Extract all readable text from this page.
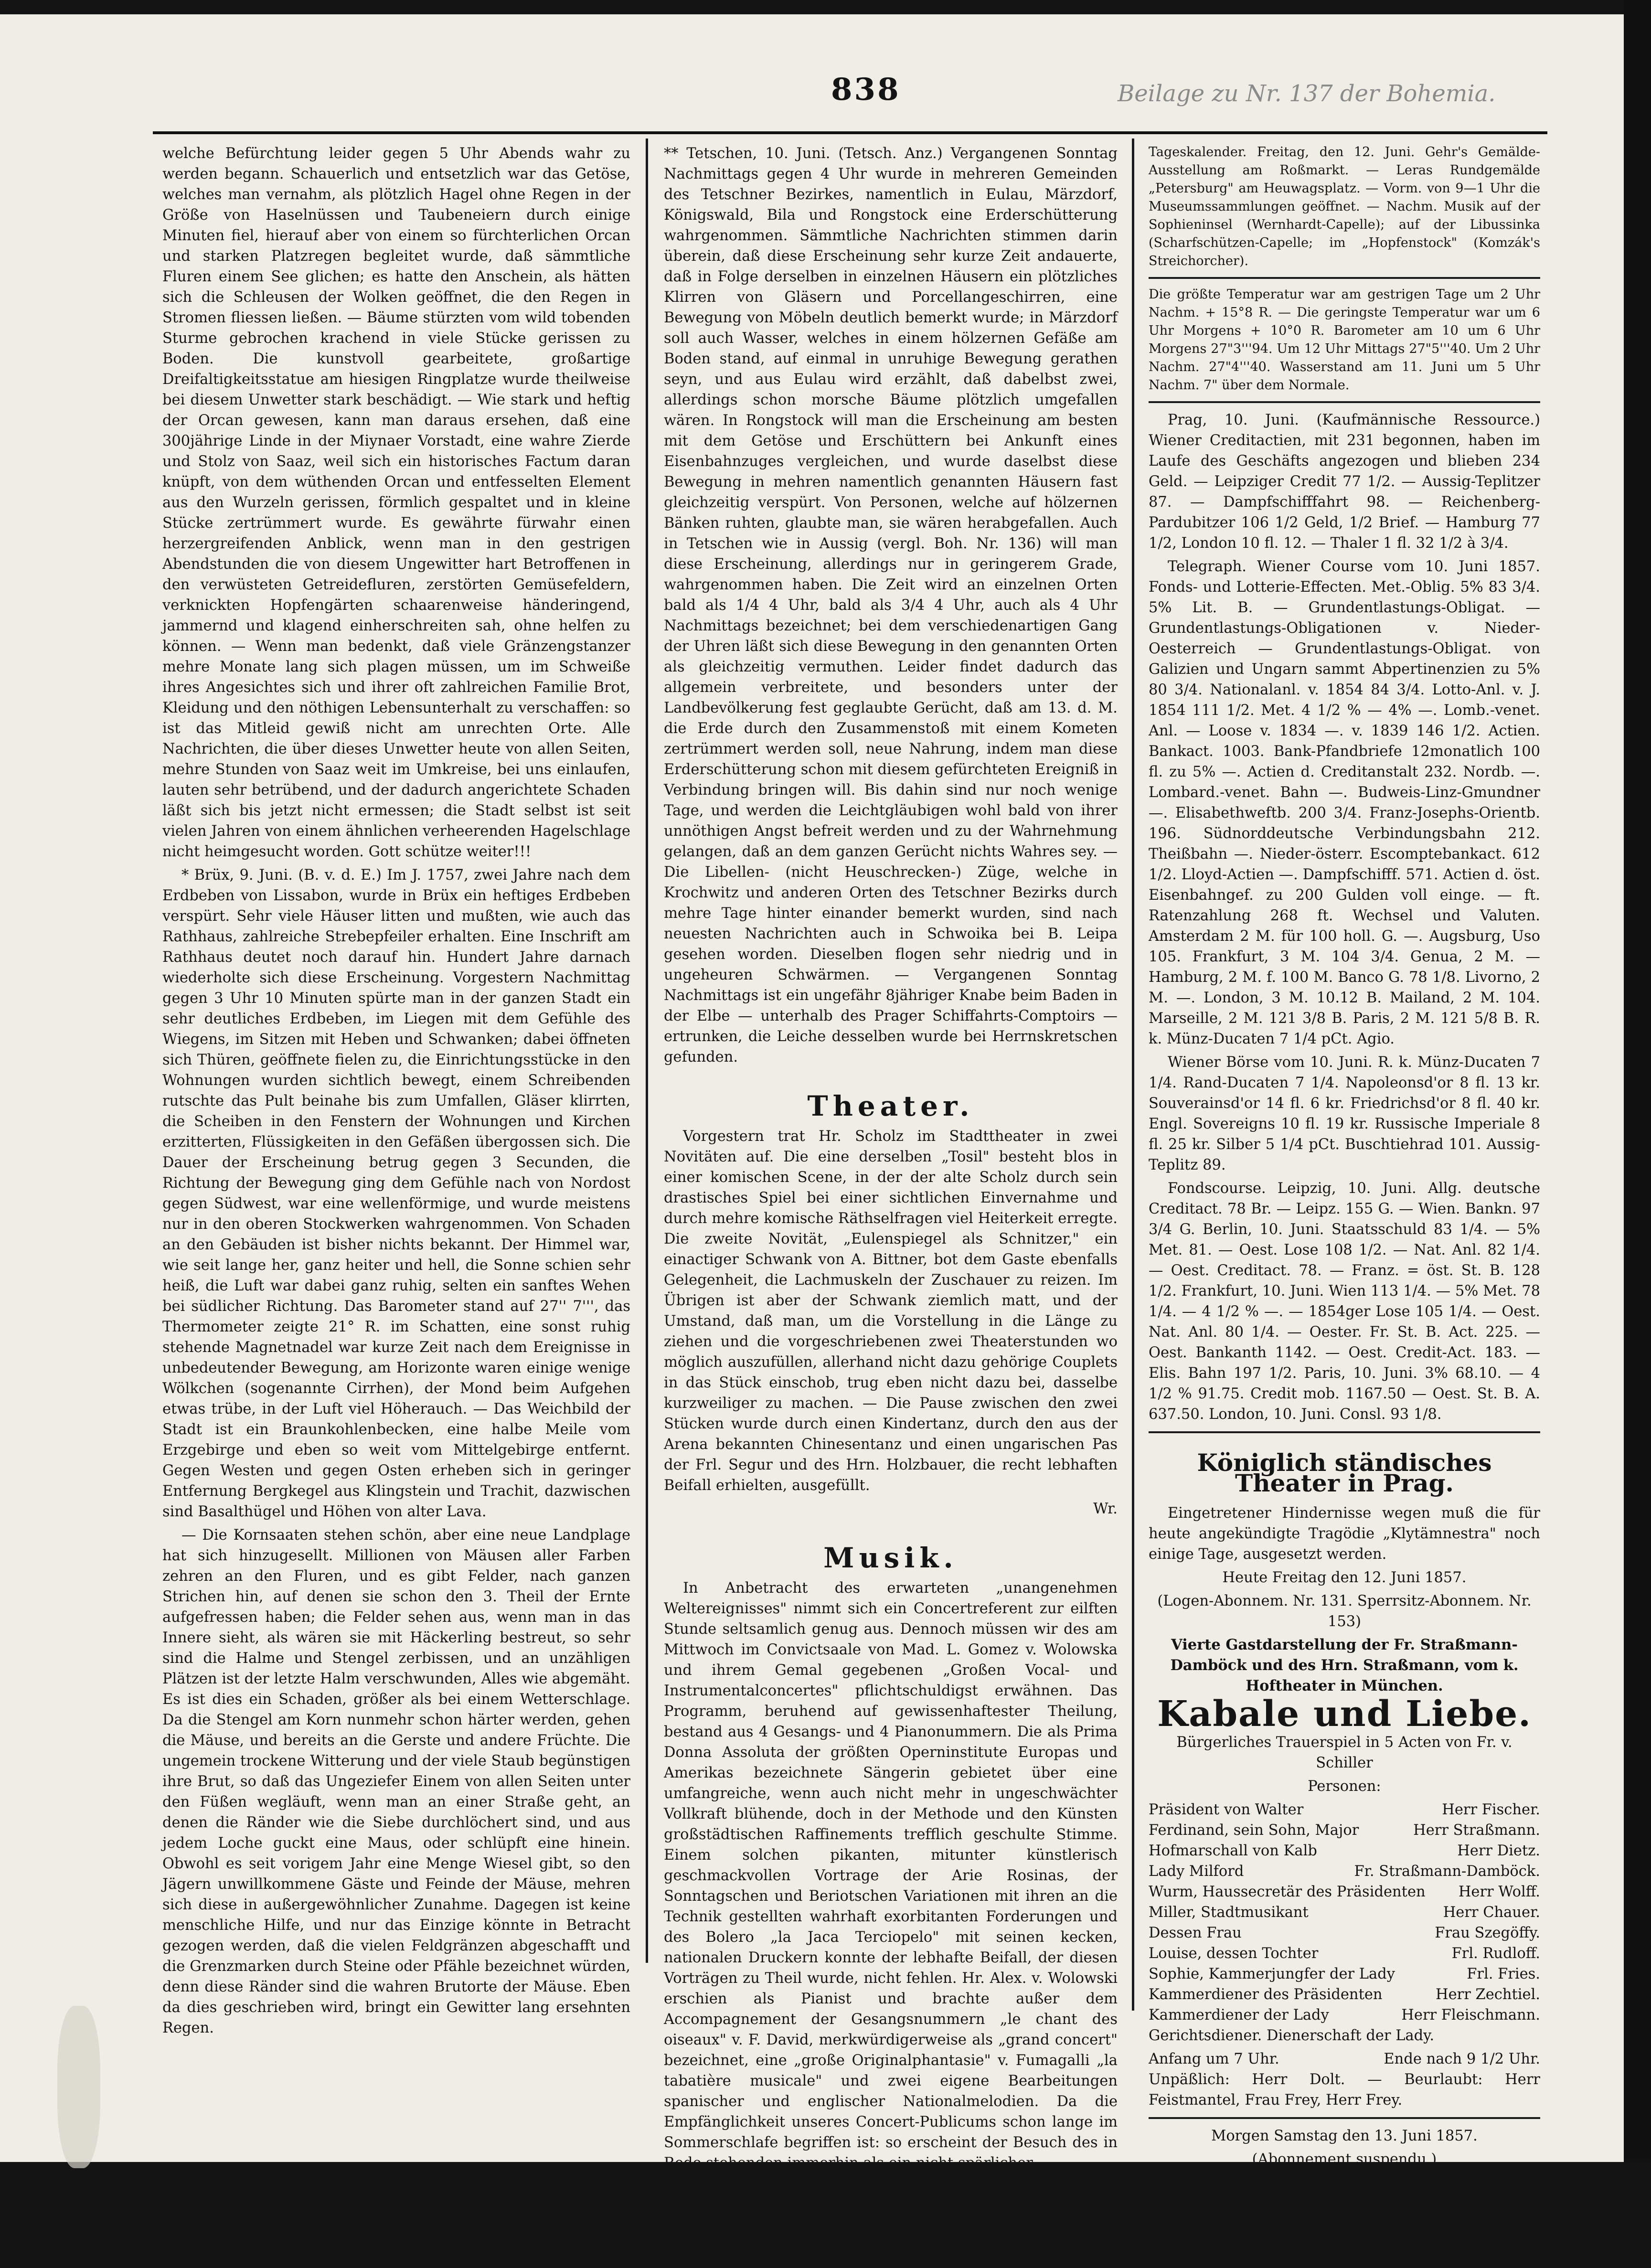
838	Beilage zu Nr. 137 der Bohemia.

welche Befürchtung leider gegen 5 Uhr Abends wahr zu werden begann. Schauerlich und entsetzlich war das Getöse, welches man vernahm, als plötzlich Hagel ohne Regen in der Größe von Haselnüssen und Taubeneiern durch einige Minuten fiel, hierauf aber von einem so fürchterlichen Orcan und starken Platzregen begleitet wurde, daß sämmtliche Fluren einem See glichen; es hatte den Anschein, als hätten sich die Schleusen der Wolken geöffnet, die den Regen in Stromen fliessen ließen. — Bäume stürzten vom wild tobenden Sturme gebrochen krachend in viele Stücke gerissen zu Boden. Die kunstvoll gearbeitete, großartige Dreifaltigkeitsstatue am hiesigen Ringplatze wurde theilweise bei diesem Unwetter stark beschädigt. — Wie stark und heftig der Orcan gewesen, kann man daraus ersehen, daß eine 300jährige Linde in der Miynaer Vorstadt, eine wahre Zierde und Stolz von Saaz, weil sich ein historisches Factum daran knüpft, von dem wüthenden Orcan und entfesselten Element aus den Wurzeln gerissen, förmlich gespaltet und in kleine Stücke zertrümmert wurde. Es gewährte fürwahr einen herzergreifenden Anblick, wenn man in den gestrigen Abendstunden die von diesem Ungewitter hart Betroffenen in den verwüsteten Getreidefluren, zerstörten Gemüsefeldern, verknickten Hopfengärten schaarenweise händeringend, jammernd und klagend einherschreiten sah, ohne helfen zu können. — Wenn man bedenkt, daß viele Gränzengstanzer mehre Monate lang sich plagen müssen, um im Schweiße ihres Angesichtes sich und ihrer oft zahlreichen Familie Brot, Kleidung und den nöthigen Lebensunterhalt zu verschaffen: so ist das Mitleid gewiß nicht am unrechten Orte. Alle Nachrichten, die über dieses Unwetter heute von allen Seiten, mehre Stunden von Saaz weit im Umkreise, bei uns einlaufen, lauten sehr betrübend, und der dadurch angerichtete Schaden läßt sich bis jetzt nicht ermessen; die Stadt selbst ist seit vielen Jahren von einem ähnlichen verheerenden Hagelschlage nicht heimgesucht worden. Gott schütze weiter!!!

* Brüx, 9. Juni. (B. v. d. E.) Im J. 1757, zwei Jahre nach dem Erdbeben von Lissabon, wurde in Brüx ein heftiges Erdbeben verspürt. Sehr viele Häuser litten und mußten, wie auch das Rathhaus, zahlreiche Strebepfeiler erhalten. Eine Inschrift am Rathhaus deutet noch darauf hin. Hundert Jahre darnach wiederholte sich diese Erscheinung. Vorgestern Nachmittag gegen 3 Uhr 10 Minuten spürte man in der ganzen Stadt ein sehr deutliches Erdbeben, im Liegen mit dem Gefühle des Wiegens, im Sitzen mit Heben und Schwanken; dabei öffneten sich Thüren, geöffnete fielen zu, die Einrichtungsstücke in den Wohnungen wurden sichtlich bewegt, einem Schreibenden rutschte das Pult beinahe bis zum Umfallen, Gläser klirrten, die Scheiben in den Fenstern der Wohnungen und Kirchen erzitterten, Flüssigkeiten in den Gefäßen übergossen sich. Die Dauer der Erscheinung betrug gegen 3 Secunden, die Richtung der Bewegung ging dem Gefühle nach von Nordost gegen Südwest, war eine wellenförmige, und wurde meistens nur in den oberen Stockwerken wahrgenommen. Von Schaden an den Gebäuden ist bisher nichts bekannt. Der Himmel war, wie seit lange her, ganz heiter und hell, die Sonne schien sehr heiß, die Luft war dabei ganz ruhig, selten ein sanftes Wehen bei südlicher Richtung. Das Barometer stand auf 27'' 7''', das Thermometer zeigte 21° R. im Schatten, eine sonst ruhig stehende Magnetnadel war kurze Zeit nach dem Ereignisse in unbedeutender Bewegung, am Horizonte waren einige wenige Wölkchen (sogenannte Cirrhen), der Mond beim Aufgehen etwas trübe, in der Luft viel Höherauch. — Das Weichbild der Stadt ist ein Braunkohlenbecken, eine halbe Meile vom Erzgebirge und eben so weit vom Mittelgebirge entfernt. Gegen Westen und gegen Osten erheben sich in geringer Entfernung Bergkegel aus Klingstein und Trachit, dazwischen sind Basalthügel und Höhen von alter Lava.

— Die Kornsaaten stehen schön, aber eine neue Landplage hat sich hinzugesellt. Millionen von Mäusen aller Farben zehren an den Fluren, und es gibt Felder, nach ganzen Strichen hin, auf denen sie schon den 3. Theil der Ernte aufgefressen haben; die Felder sehen aus, wenn man in das Innere sieht, als wären sie mit Häckerling bestreut, so sehr sind die Halme und Stengel zerbissen, und an unzähligen Plätzen ist der letzte Halm verschwunden, Alles wie abgemäht. Es ist dies ein Schaden, größer als bei einem Wetterschlage. Da die Stengel am Korn nunmehr schon härter werden, gehen die Mäuse, und bereits an die Gerste und andere Früchte. Die ungemein trockene Witterung und der viele Staub begünstigen ihre Brut, so daß das Ungeziefer Einem von allen Seiten unter den Füßen wegläuft, wenn man an einer Straße geht, an denen die Ränder wie die Siebe durchlöchert sind, und aus jedem Loche guckt eine Maus, oder schlüpft eine hinein. Obwohl es seit vorigem Jahr eine Menge Wiesel gibt, so den Jägern unwillkommene Gäste und Feinde der Mäuse, mehren sich diese in außergewöhnlicher Zunahme. Dagegen ist keine menschliche Hilfe, und nur das Einzige könnte in Betracht gezogen werden, daß die vielen Feldgränzen abgeschafft und die Grenzmarken durch Steine oder Pfähle bezeichnet würden, denn diese Ränder sind die wahren Brutorte der Mäuse. Eben da dies geschrieben wird, bringt ein Gewitter lang ersehnten Regen.

** Tetschen, 10. Juni. (Tetsch. Anz.) Vergangenen Sonntag Nachmittags gegen 4 Uhr wurde in mehreren Gemeinden des Tetschner Bezirkes, namentlich in Eulau, Märzdorf, Königswald, Bila und Rongstock eine Erderschütterung wahrgenommen. Sämmtliche Nachrichten stimmen darin überein, daß diese Erscheinung sehr kurze Zeit andauerte, daß in Folge derselben in einzelnen Häusern ein plötzliches Klirren von Gläsern und Porcellangeschirren, eine Bewegung von Möbeln deutlich bemerkt wurde; in Märzdorf soll auch Wasser, welches in einem hölzernen Gefäße am Boden stand, auf einmal in unruhige Bewegung gerathen seyn, und aus Eulau wird erzählt, daß dabelbst zwei, allerdings schon morsche Bäume plötzlich umgefallen wären. In Rongstock will man die Erscheinung am besten mit dem Getöse und Erschüttern bei Ankunft eines Eisenbahnzuges vergleichen, und wurde daselbst diese Bewegung in mehren namentlich genannten Häusern fast gleichzeitig verspürt. Von Personen, welche auf hölzernen Bänken ruhten, glaubte man, sie wären herabgefallen. Auch in Tetschen wie in Aussig (vergl. Boh. Nr. 136) will man diese Erscheinung, allerdings nur in geringerem Grade, wahrgenommen haben. Die Zeit wird an einzelnen Orten bald als 1/4 4 Uhr, bald als 3/4 4 Uhr, auch als 4 Uhr Nachmittags bezeichnet; bei dem verschiedenartigen Gang der Uhren läßt sich diese Bewegung in den genannten Orten als gleichzeitig vermuthen. Leider findet dadurch das allgemein verbreitete, und besonders unter der Landbevölkerung fest geglaubte Gerücht, daß am 13. d. M. die Erde durch den Zusammenstoß mit einem Kometen zertrümmert werden soll, neue Nahrung, indem man diese Erderschütterung schon mit diesem gefürchteten Ereigniß in Verbindung bringen will. Bis dahin sind nur noch wenige Tage, und werden die Leichtgläubigen wohl bald von ihrer unnöthigen Angst befreit werden und zu der Wahrnehmung gelangen, daß an dem ganzen Gerücht nichts Wahres sey. — Die Libellen- (nicht Heuschrecken-) Züge, welche in Krochwitz und anderen Orten des Tetschner Bezirks durch mehre Tage hinter einander bemerkt wurden, sind nach neuesten Nachrichten auch in Schwoika bei B. Leipa gesehen worden. Dieselben flogen sehr niedrig und in ungeheuren Schwärmen. — Vergangenen Sonntag Nachmittags ist ein ungefähr 8jähriger Knabe beim Baden in der Elbe — unterhalb des Prager Schiffahrts-Comptoirs — ertrunken, die Leiche desselben wurde bei Herrnskretschen gefunden.

Theater.

Vorgestern trat Hr. Scholz im Stadttheater in zwei Novitäten auf. Die eine derselben „Tosil" besteht blos in einer komischen Scene, in der der alte Scholz durch sein drastisches Spiel bei einer sichtlichen Einvernahme und durch mehre komische Räthselfragen viel Heiterkeit erregte. Die zweite Novität, „Eulenspiegel als Schnitzer," ein einactiger Schwank von A. Bittner, bot dem Gaste ebenfalls Gelegenheit, die Lachmuskeln der Zuschauer zu reizen. Im Übrigen ist aber der Schwank ziemlich matt, und der Umstand, daß man, um die Vorstellung in die Länge zu ziehen und die vorgeschriebenen zwei Theaterstunden wo möglich auszufüllen, allerhand nicht dazu gehörige Couplets in das Stück einschob, trug eben nicht dazu bei, dasselbe kurzweiliger zu machen. — Die Pause zwischen den zwei Stücken wurde durch einen Kindertanz, durch den aus der Arena bekannten Chinesentanz und einen ungarischen Pas der Frl. Segur und des Hrn. Holzbauer, die recht lebhaften Beifall erhielten, ausgefüllt.

Wr.

Musik.

In Anbetracht des erwarteten „unangenehmen Weltereignisses" nimmt sich ein Concertreferent zur eilften Stunde seltsamlich genug aus. Dennoch müssen wir des am Mittwoch im Convictsaale von Mad. L. Gomez v. Wolowska und ihrem Gemal gegebenen „Großen Vocal- und Instrumentalconcertes" pflichtschuldigst erwähnen. Das Programm, beruhend auf gewissenhaftester Theilung, bestand aus 4 Gesangs- und 4 Pianonummern. Die als Prima Donna Assoluta der größten Operninstitute Europas und Amerikas bezeichnete Sängerin gebietet über eine umfangreiche, wenn auch nicht mehr in ungeschwächter Vollkraft blühende, doch in der Methode und den Künsten großstädtischen Raffinements trefflich geschulte Stimme. Einem solchen pikanten, mitunter künstlerisch geschmackvollen Vortrage der Arie Rosinas, der Sonntagschen und Beriotschen Variationen mit ihren an die Technik gestellten wahrhaft exorbitanten Forderungen und des Bolero „la Jaca Terciopelo" mit seinen kecken, nationalen Druckern konnte der lebhafte Beifall, der diesen Vorträgen zu Theil wurde, nicht fehlen. Hr. Alex. v. Wolowski erschien als Pianist und brachte außer dem Accompagnement der Gesangsnummern „le chant des oiseaux" v. F. David, merkwürdigerweise als „grand concert" bezeichnet, eine „große Originalphantasie" v. Fumagalli „la tabatière musicale" und zwei eigene Bearbeitungen spanischer und englischer Nationalmelodien. Da die Empfänglichkeit unseres Concert-Publicums schon lange im Sommerschlafe begriffen ist: so erscheint der Besuch des in Rede stehenden immerhin als ein nicht spärlicher.

V.

Tageskalender. Freitag, den 12. Juni. Gehr's Gemälde-Ausstellung am Roßmarkt. — Leras Rundgemälde „Petersburg" am Heuwagsplatz. — Vorm. von 9—1 Uhr die Museumssammlungen geöffnet. — Nachm. Musik auf der Sophieninsel (Wernhardt-Capelle); auf der Libussinka (Scharfschützen-Capelle; im „Hopfenstock" (Komzák's Streichorcher).

Die größte Temperatur war am gestrigen Tage um 2 Uhr Nachm. + 15°8 R. — Die geringste Temperatur war um 6 Uhr Morgens + 10°0 R. Barometer am 10 um 6 Uhr Morgens 27"3'''94. Um 12 Uhr Mittags 27"5'''40. Um 2 Uhr Nachm. 27"4'''40. Wasserstand am 11. Juni um 5 Uhr Nachm. 7" über dem Normale.

Prag, 10. Juni. (Kaufmännische Ressource.) Wiener Creditactien, mit 231 begonnen, haben im Laufe des Geschäfts angezogen und blieben 234 Geld. — Leipziger Credit 77 1/2. — Aussig-Teplitzer 87. — Dampfschifffahrt 98. — Reichenberg-Pardubitzer 106 1/2 Geld, 1/2 Brief. — Hamburg 77 1/2, London 10 fl. 12. — Thaler 1 fl. 32 1/2 à 3/4.

Telegraph. Wiener Course vom 10. Juni 1857. Fonds- und Lotterie-Effecten. Met.-Oblig. 5% 83 3/4. 5% Lit. B. — Grundentlastungs-Obligat. — Grundentlastungs-Obligationen v. Nieder-Oesterreich — Grundentlastungs-Obligat. von Galizien und Ungarn sammt Abpertinenzien zu 5% 80 3/4. Nationalanl. v. 1854 84 3/4. Lotto-Anl. v. J. 1854 111 1/2. Met. 4 1/2 % — 4% —. Lomb.-venet. Anl. — Loose v. 1834 —. v. 1839 146 1/2. Actien. Bankact. 1003. Bank-Pfandbriefe 12monatlich 100 fl. zu 5% —. Actien d. Creditanstalt 232. Nordb. —. Lombard.-venet. Bahn —. Budweis-Linz-Gmundner —. Elisabethweftb. 200 3/4. Franz-Josephs-Orientb. 196. Südnorddeutsche Verbindungsbahn 212. Theißbahn —. Nieder-österr. Escomptebankact. 612 1/2. Lloyd-Actien —. Dampfschifff. 571. Actien d. öst. Eisenbahngef. zu 200 Gulden voll einge. — ft. Ratenzahlung 268 ft. Wechsel und Valuten. Amsterdam 2 M. für 100 holl. G. —. Augsburg, Uso 105. Frankfurt, 3 M. 104 3/4. Genua, 2 M. — Hamburg, 2 M. f. 100 M. Banco G. 78 1/8. Livorno, 2 M. —. London, 3 M. 10.12 B. Mailand, 2 M. 104. Marseille, 2 M. 121 3/8 B. Paris, 2 M. 121 5/8 B. R. k. Münz-Ducaten 7 1/4 pCt. Agio.

Wiener Börse vom 10. Juni. R. k. Münz-Ducaten 7 1/4. Rand-Ducaten 7 1/4. Napoleonsd'or 8 fl. 13 kr. Souverainsd'or 14 fl. 6 kr. Friedrichsd'or 8 fl. 40 kr. Engl. Sovereigns 10 fl. 19 kr. Russische Imperiale 8 fl. 25 kr. Silber 5 1/4 pCt. Buschtiehrad 101. Aussig-Teplitz 89.

Fondscourse. Leipzig, 10. Juni. Allg. deutsche Creditact. 78 Br. — Leipz. 155 G. — Wien. Bankn. 97 3/4 G. Berlin, 10. Juni. Staatsschuld 83 1/4. — 5% Met. 81. — Oest. Lose 108 1/2. — Nat. Anl. 82 1/4. — Oest. Creditact. 78. — Franz. = öst. St. B. 128 1/2. Frankfurt, 10. Juni. Wien 113 1/4. — 5% Met. 78 1/4. — 4 1/2 % —. — 1854ger Lose 105 1/4. — Oest. Nat. Anl. 80 1/4. — Oester. Fr. St. B. Act. 225. — Oest. Bankanth 1142. — Oest. Credit-Act. 183. — Elis. Bahn 197 1/2. Paris, 10. Juni. 3% 68.10. — 4 1/2 % 91.75. Credit mob. 1167.50 — Oest. St. B. A. 637.50. London, 10. Juni. Consl. 93 1/8.

Königlich ständisches Theater in Prag.

Eingetretener Hindernisse wegen muß die für heute angekündigte Tragödie „Klytämnestra" noch einige Tage, ausgesetzt werden.

Heute Freitag den 12. Juni 1857.

(Logen-Abonnem. Nr. 131. Sperrsitz-Abonnem. Nr. 153)

Vierte Gastdarstellung der Fr. Straßmann-Damböck und des Hrn. Straßmann, vom k. Hoftheater in München.

Kabale und Liebe.

Bürgerliches Trauerspiel in 5 Acten von Fr. v. Schiller

Personen:

Präsident von Walter	Herr Fischer.
Ferdinand, sein Sohn, Major	Herr Straßmann.
Hofmarschall von Kalb	Herr Dietz.
Lady Milford	Fr. Straßmann-Damböck.
Wurm, Haussecretär des Präsidenten Herr Wolff.
Miller, Stadtmusikant	Herr Chauer.
Dessen Frau	Frau Szegöffy.
Louise, dessen Tochter	Frl. Rudloff.
Sophie, Kammerjungfer der Lady	Frl. Fries.
Kammerdiener des Präsidenten	Herr Zechtiel.
Kammerdiener der Lady	Herr Fleischmann.

Gerichtsdiener. Dienerschaft der Lady.

Anfang um 7 Uhr.	Ende nach 9 1/2 Uhr.

Unpäßlich: Herr Dolt. — Beurlaubt: Herr Feistmantel, Frau Frey, Herr Frey.

Morgen Samstag den 13. Juni 1857.

(Abonnement suspendu.)

Vierte Gastdarstellung und zum Vortheile des Frls. Louise Liebhardt.

Die Hochzeit des Figaro.

Komische Oper in 2 Acten. Musik von Mozart.
